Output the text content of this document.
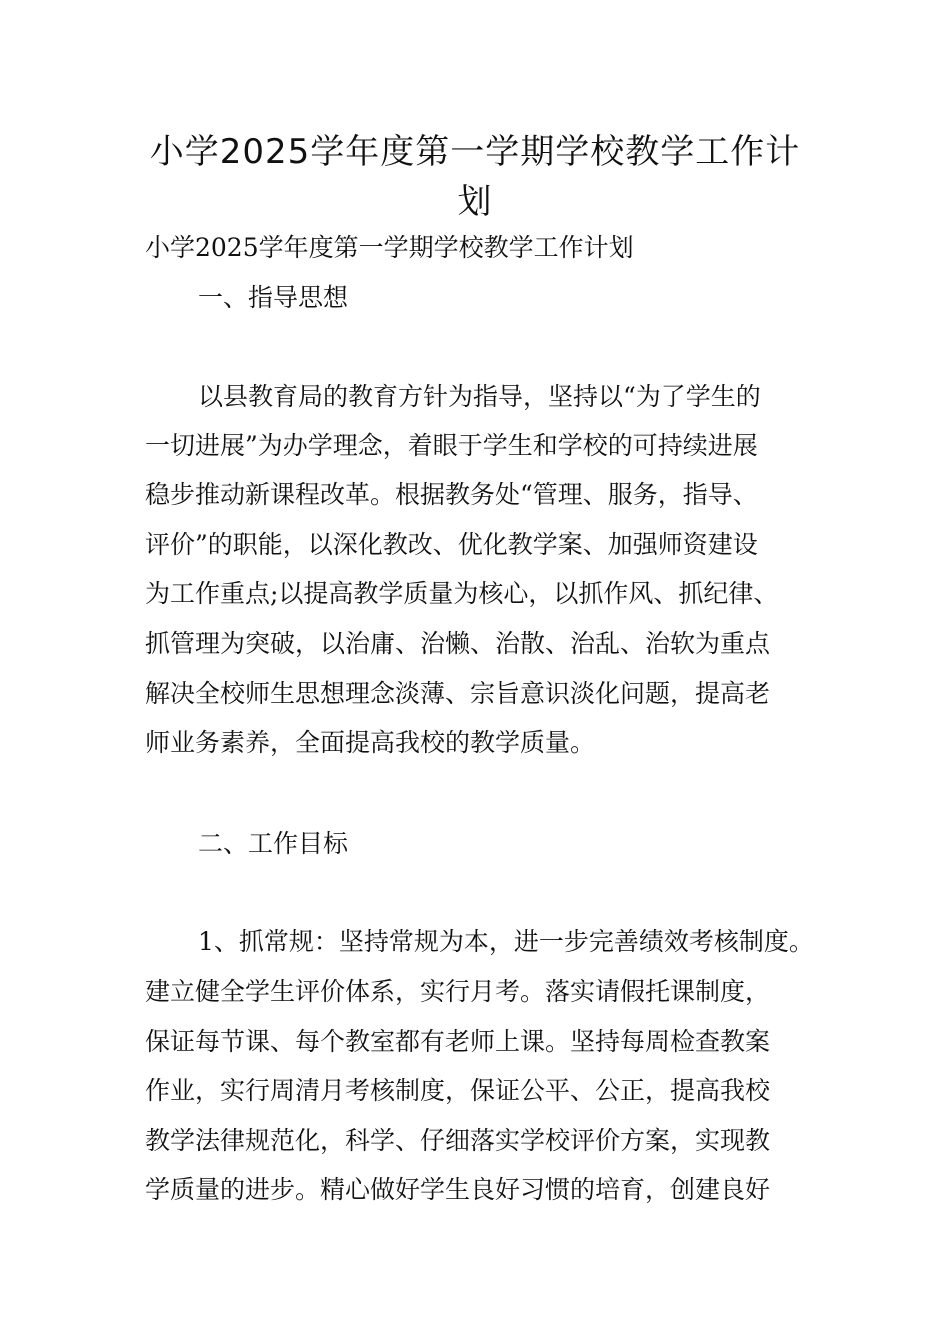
小学2025学年度第一学期学校教学工作计
划
小学2025学年度第一学期学校教学工作计划
一、指导思想
以县教育局的教育方针为指导，坚持以“为了学生的
一切进展”为办学理念，着眼于学生和学校的可持续进展
稳步推动新课程改革。根据教务处“管理、服务，指导、
评价”的职能，以深化教改、优化教学案、加强师资建设
为工作重点;以提高教学质量为核心，以抓作风、抓纪律、
抓管理为突破，以治庸、治懒、治散、治乱、治软为重点
解决全校师生思想理念淡薄、宗旨意识淡化问题，提高老
师业务素养，全面提高我校的教学质量。
二、工作目标
1、抓常规：坚持常规为本，进一步完善绩效考核制度。
建立健全学生评价体系，实行月考。落实请假托课制度，
保证每节课、每个教室都有老师上课。坚持每周检查教案
作业，实行周清月考核制度，保证公平、公正，提高我校
教学法律规范化，科学、仔细落实学校评价方案，实现教
学质量的进步。精心做好学生良好习惯的培育，创建良好
